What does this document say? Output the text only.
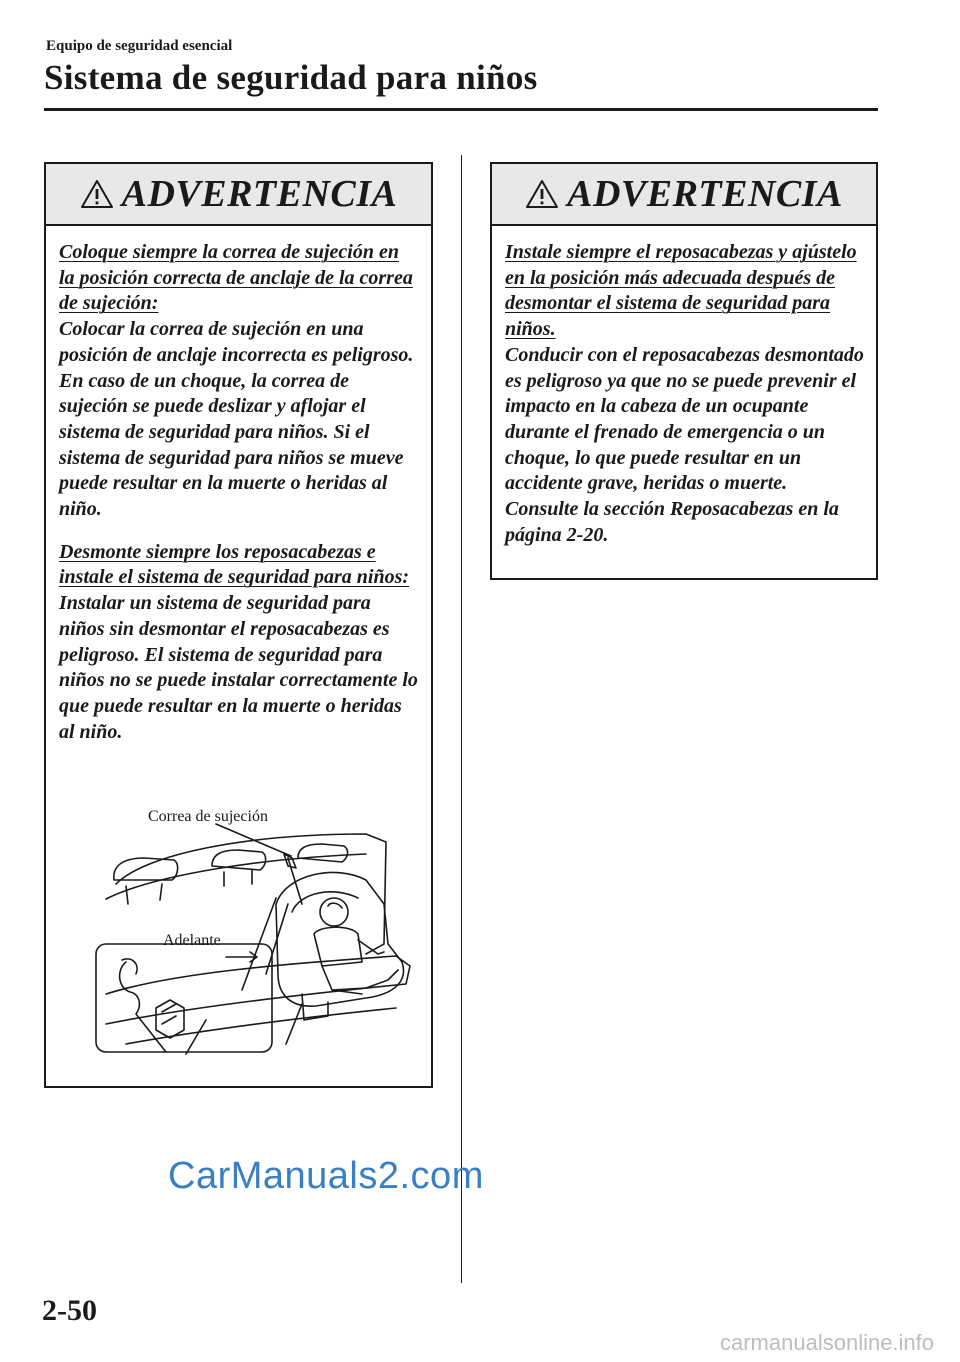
Equipo de seguridad esencial
Sistema de seguridad para niños
ADVERTENCIA

Coloque siempre la correa de sujeción en la posición correcta de anclaje de la correa de sujeción:
Colocar la correa de sujeción en una posición de anclaje incorrecta es peligroso. En caso de un choque, la correa de sujeción se puede deslizar y aflojar el sistema de seguridad para niños. Si el sistema de seguridad para niños se mueve puede resultar en la muerte o heridas al niño.

Desmonte siempre los reposacabezas e instale el sistema de seguridad para niños:
Instalar un sistema de seguridad para niños sin desmontar el reposacabezas es peligroso. El sistema de seguridad para niños no se puede instalar correctamente lo que puede resultar en la muerte o heridas al niño.

Correa de sujeción
Adelante
ADVERTENCIA

Instale siempre el reposacabezas y ajústelo en la posición más adecuada después de desmontar el sistema de seguridad para niños.
Conducir con el reposacabezas desmontado es peligroso ya que no se puede prevenir el impacto en la cabeza de un ocupante durante el frenado de emergencia o un choque, lo que puede resultar en un accidente grave, heridas o muerte. Consulte la sección Reposacabezas en la página 2-20.

CarManuals2.com
2-50
carmanualsonline.info
